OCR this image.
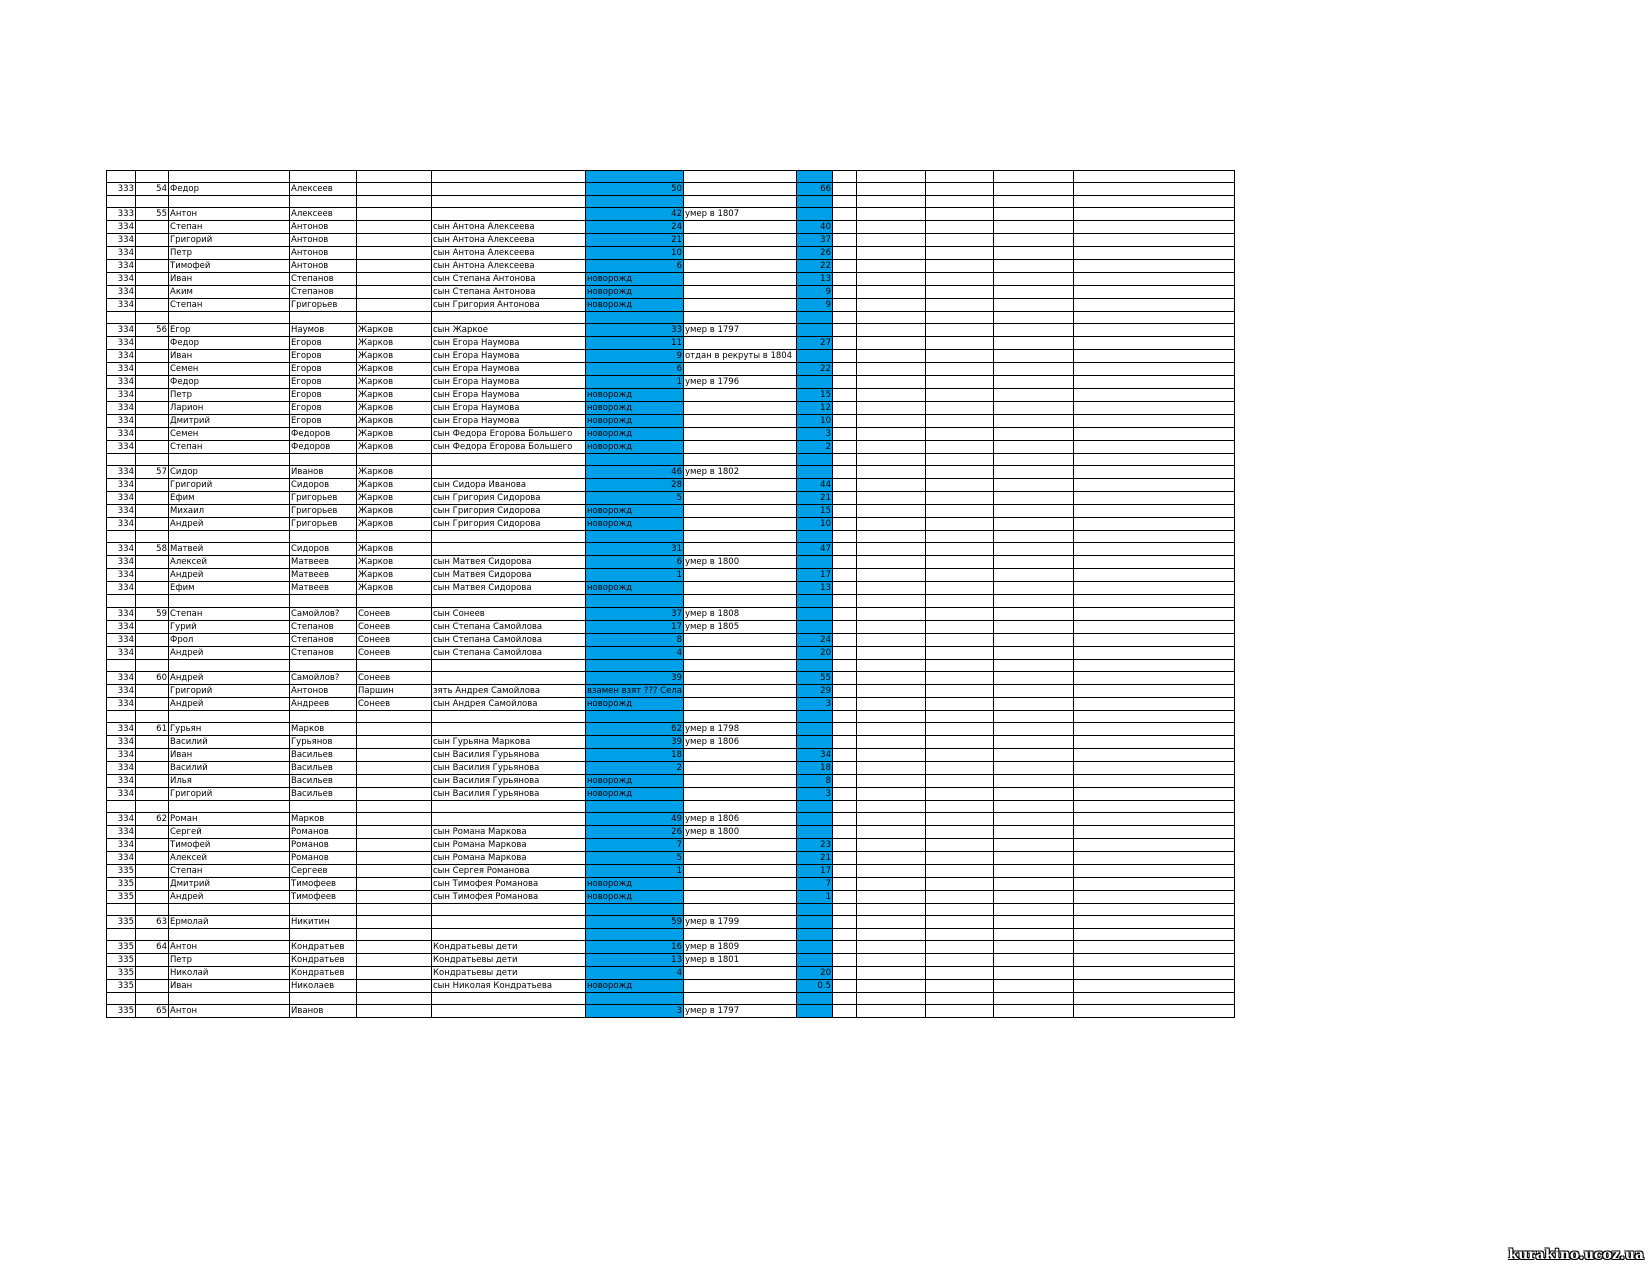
333	54	Федор	Алексеев			50		66					

333	55	Антон	Алексеев			42	умер в 1807						
334		Степан	Антонов		сын Антона Алексеева	24		40					
334		Григорий	Антонов		сын Антона Алексеева	21		37					
334		Петр	Антонов		сын Антона Алексеева	10		26					
334		Тимофей	Антонов		сын Антона Алексеева	6		22					
334		Иван	Степанов		сын Степана Антонова	новорожд		13					
334		Аким	Степанов		сын Степана Антонова	новорожд		9					
334		Степан	Григорьев		сын Григория Антонова	новорожд		9					

334	56	Егор	Наумов	Жарков	сын Жаркое	33	умер в 1797						
334		Федор	Егоров	Жарков	сын Егора Наумова	11		27					
334		Иван	Егоров	Жарков	сын Егора Наумова	9	отдан в рекруты в 1804						
334		Семен	Егоров	Жарков	сын Егора Наумова	6		22					
334		Федор	Егоров	Жарков	сын Егора Наумова	1	умер в 1796						
334		Петр	Егоров	Жарков	сын Егора Наумова	новорожд		15					
334		Ларион	Егоров	Жарков	сын Егора Наумова	новорожд		12					
334		Дмитрий	Егоров	Жарков	сын Егора Наумова	новорожд		10					
334		Семен	Федоров	Жарков	сын Федора Егорова Большего	новорожд		3					
334		Степан	Федоров	Жарков	сын Федора Егорова Большего	новорожд		2					

334	57	Сидор	Иванов	Жарков		46	умер в 1802						
334		Григорий	Сидоров	Жарков	сын Сидора Иванова	28		44					
334		Ефим	Григорьев	Жарков	сын Григория Сидорова	5		21					
334		Михаил	Григорьев	Жарков	сын Григория Сидорова	новорожд		15					
334		Андрей	Григорьев	Жарков	сын Григория Сидорова	новорожд		10					

334	58	Матвей	Сидоров	Жарков		31		47					
334		Алексей	Матвеев	Жарков	сын Матвея Сидорова	6	умер в 1800						
334		Андрей	Матвеев	Жарков	сын Матвея Сидорова	1		17					
334		Ефим	Матвеев	Жарков	сын Матвея Сидорова	новорожд		13					

334	59	Степан	Самойлов?	Сонеев	сын Сонеев	37	умер в 1808						
334		Гурий	Степанов	Сонеев	сын Степана Самойлова	17	умер в 1805						
334		Фрол	Степанов	Сонеев	сын Степана Самойлова	8		24					
334		Андрей	Степанов	Сонеев	сын Степана Самойлова	4		20					

334	60	Андрей	Самойлов?	Сонеев		39		55					
334		Григорий	Антонов	Паршин	зять Андрея Самойлова	взамен взят ??? Села		29					
334		Андрей	Андреев	Сонеев	сын Андрея Самойлова	новорожд		3					

334	61	Гурьян	Марков			62	умер в 1798						
334		Василий	Гурьянов		сын Гурьяна Маркова	39	умер в 1806						
334		Иван	Васильев		сын Василия Гурьянова	18		34					
334		Василий	Васильев		сын Василия Гурьянова	2		18					
334		Илья	Васильев		сын Василия Гурьянова	новорожд		8					
334		Григорий	Васильев		сын Василия Гурьянова	новорожд		3					

334	62	Роман	Марков			49	умер в 1806						
334		Сергей	Романов		сын Романа Маркова	26	умер в 1800						
334		Тимофей	Романов		сын Романа Маркова	7		23					
334		Алексей	Романов		сын Романа Маркова	5		21					
335		Степан	Сергеев		сын Сергея Романова	1		17					
335		Дмитрий	Тимофеев		сын Тимофея Романова	новорожд		7					
335		Андрей	Тимофеев		сын Тимофея Романова	новорожд		1					

335	63	Ермолай	Никитин			59	умер в 1799						

335	64	Антон	Кондратьев		Кондратьевы дети	16	умер в 1809						
335		Петр	Кондратьев		Кондратьевы дети	13	умер в 1801						
335		Николай	Кондратьев		Кондратьевы дети	4		20					
335		Иван	Николаев		сын Николая Кондратьева	новорожд		0.5					

335	65	Антон	Иванов			3	умер в 1797						
kurakino.ucoz.ua
